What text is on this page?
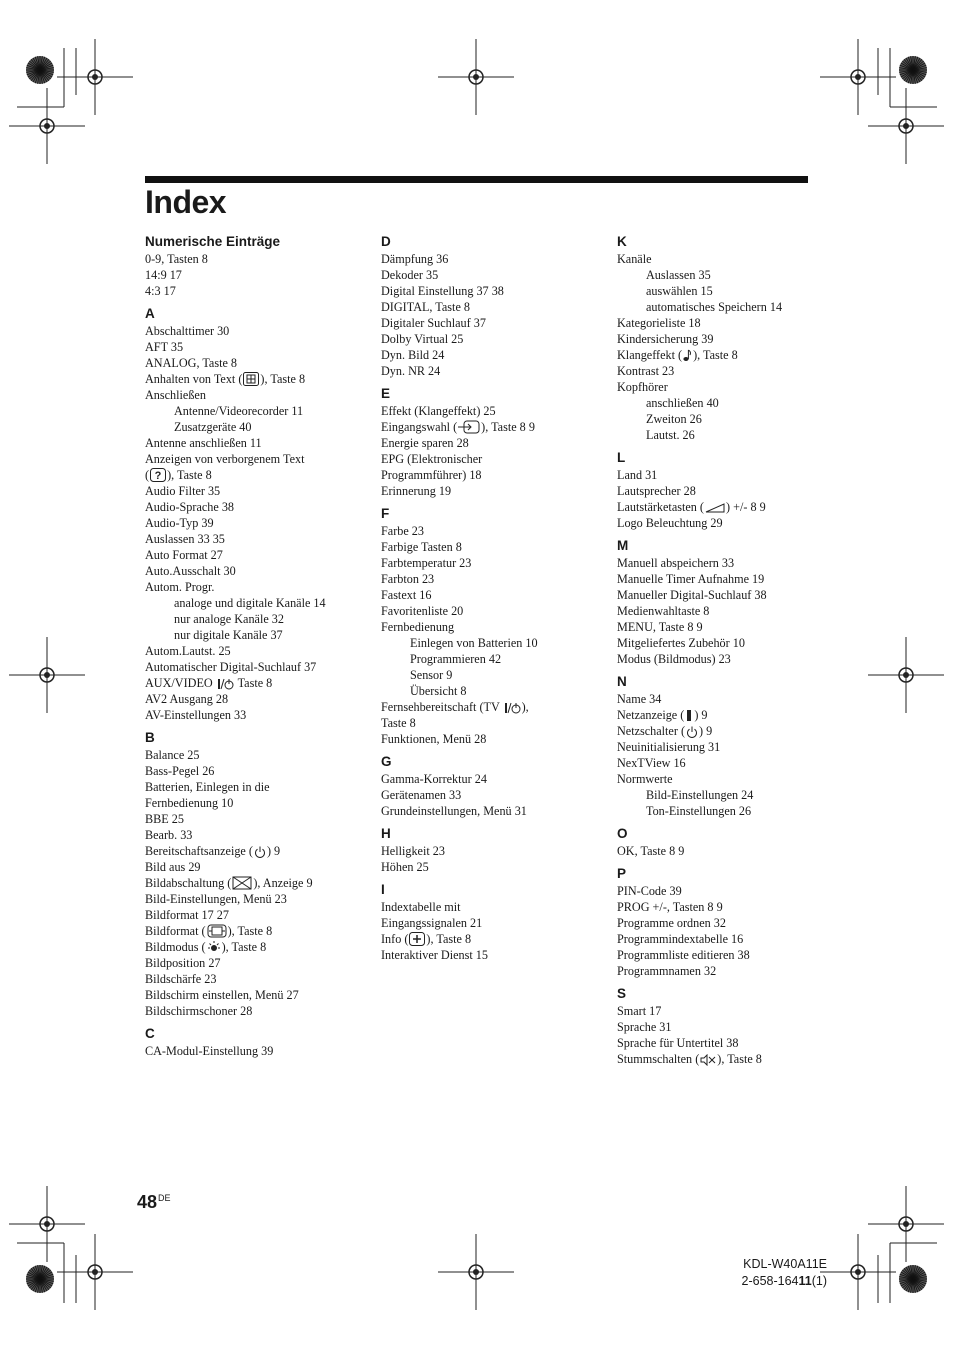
Index
Numerische Einträge
0-9, Tasten 8
14:9 17
4:3 17
A
Abschalttimer 30
AFT 35
ANALOG, Taste 8
Anhalten von Text ( ), Taste 8
Anschließen
Antenne/Videorecorder 11
Zusatzgeräte 40
Antenne anschließen 11
Anzeigen von verborgenem Text
( ? ), Taste 8
Audio Filter 35
Audio-Sprache 38
Audio-Typ 39
Auslassen 33 35
Auto Format 27
Auto.Ausschalt 30
Autom. Progr.
analoge und digitale Kanäle 14
nur analoge Kanäle 32
nur digitale Kanäle 37
Autom.Lautst. 25
Automatischer Digital-Suchlauf 37
AUX/VIDEO  Taste 8
AV2 Ausgang 28
AV-Einstellungen 33
B
Balance 25
Bass-Pegel 26
Batterien, Einlegen in die
Fernbedienung 10
BBE 25
Bearb. 33
Bereitschaftsanzeige ( ) 9
Bild aus 29
Bildabschaltung ( ), Anzeige 9
Bild-Einstellungen, Menü 23
Bildformat 17 27
Bildformat ( ), Taste 8
Bildmodus ( ), Taste 8
Bildposition 27
Bildschärfe 23
Bildschirm einstellen, Menü 27
Bildschirmschoner 28
C
CA-Modul-Einstellung 39
D
Dämpfung 36
Dekoder 35
Digital Einstellung 37 38
DIGITAL, Taste 8
Digitaler Suchlauf 37
Dolby Virtual 25
Dyn. Bild 24
Dyn. NR 24
E
Effekt (Klangeffekt) 25
Eingangswahl ( ), Taste 8 9
Energie sparen 28
EPG (Elektronischer
Programmführer) 18
Erinnerung 19
F
Farbe 23
Farbige Tasten 8
Farbtemperatur 23
Farbton 23
Fastext 16
Favoritenliste 20
Fernbedienung
Einlegen von Batterien 10
Programmieren 42
Sensor 9
Übersicht 8
Fernsehbereitschaft (TV ),
Taste 8
Funktionen, Menü 28
G
Gamma-Korrektur 24
Gerätenamen 33
Grundeinstellungen, Menü 31
H
Helligkeit 23
Höhen 25
I
Indextabelle mit
Eingangssignalen 21
Info ( ), Taste 8
Interaktiver Dienst 15
K
Kanäle
Auslassen 35
auswählen 15
automatisches Speichern 14
Kategorieliste 18
Kindersicherung 39
Klangeffekt ( ), Taste 8
Kontrast 23
Kopfhörer
anschließen 40
Zweiton 26
Lautst. 26
L
Land 31
Lautsprecher 28
Lautstärketasten ( ) +/- 8 9
Logo Beleuchtung 29
M
Manuell abspeichern 33
Manuelle Timer Aufnahme 19
Manueller Digital-Suchlauf 38
Medienwahltaste 8
MENU, Taste 8 9
Mitgeliefertes Zubehör 10
Modus (Bildmodus) 23
N
Name 34
Netzanzeige ( ) 9
Netzschalter ( ) 9
Neuinitialisierung 31
NexTView 16
Normwerte
Bild-Einstellungen 24
Ton-Einstellungen 26
O
OK, Taste 8 9
P
PIN-Code 39
PROG +/-, Tasten 8 9
Programme ordnen 32
Programmindextabelle 16
Programmliste editieren 38
Programmnamen 32
S
Smart 17
Sprache 31
Sprache für Untertitel 38
Stummschalten ( ), Taste 8
48DE
KDL-W40A11E
2-658-16411(1)
